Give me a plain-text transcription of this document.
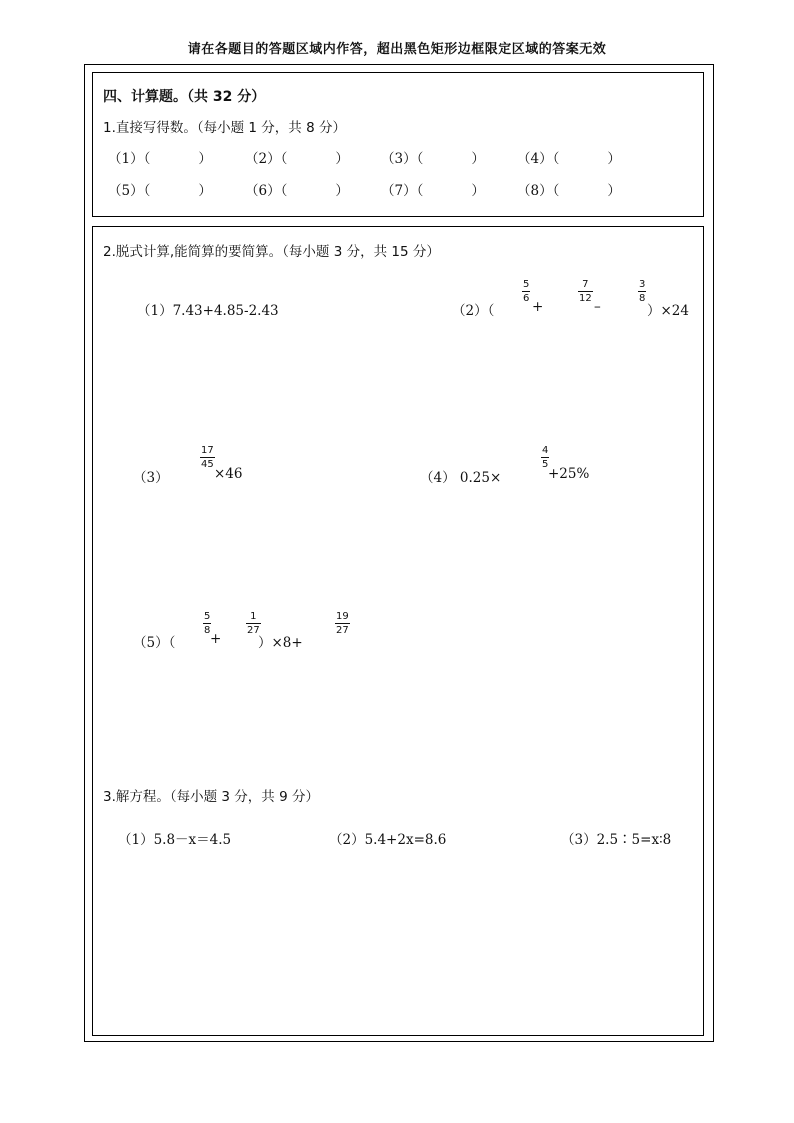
请在各题目的答题区域内作答，超出黑色矩形边框限定区域的答案无效
四、计算题。（共 32 分）
1.直接写得数。（每小题 1 分，共 8 分）
（1）（	） （2）（	） （3）（	） （4）（	）
（5）（	） （6）（	） （7）（	） （8）（	）
2.脱式计算,能简算的要简算。（每小题 3 分，共 15 分）
（1）7.43+4.85-2.43	（2）（
5
6
+
7
12
–
3
8
）×24
（3）
17
45
×46	（4） 0.25×
4
5
+25%
（5）（
5
8
+
1
27
）×8+
19
27
3.解方程。（每小题 3 分，共 9 分）
（1）5.8－x＝4.5	（2）5.4+2x=8.6	（3）2.5∶5=x∶8
